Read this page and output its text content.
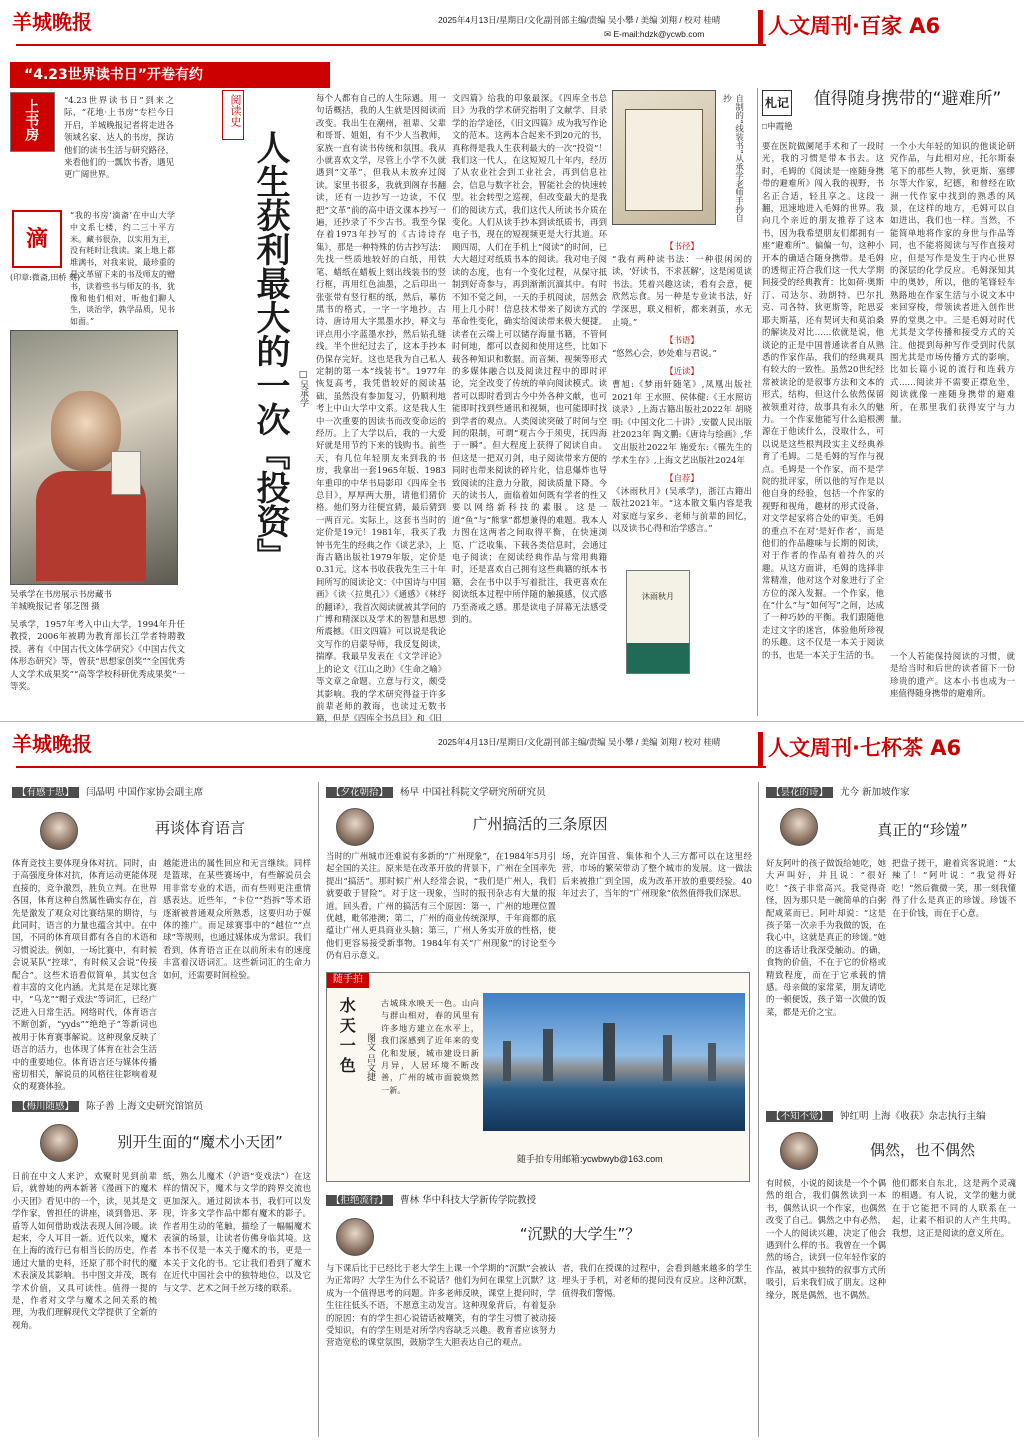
羊城晚报	2025年4月13日/星期日/文化副刊部主编/责编 吴小攀 / 美编 刘翔 / 校对 桂晴
✉ E-mail:hdzk@ycwb.com	人文周刊·百家 A6
“4.23世界读书日”开卷有约
上书房	“4.23世界读书日”到来之际，“花地·上书房”专栏今日开启，羊城晚报记者将走进各领域名家、达人的书房，探访他们的读书生活与研究路径，来看他们的一瓢饮书香，遇见更广阔世界。
滴
(印章:微斋,田桥 刻)
“我的书房‘滴斋’在中山大学中文系七楼，约二三十平方米。藏书很杂，以实用为主，没有耗时让我读。案上地上都堆满书，对我来说，最珍重的是文革留下来的书及师友的赠书，读着些书与师友的书，犹像和他们相对，听他们聊人生，谈治学，孰学品质，见书如面。”
吴承学在书房展示书房藏书
羊城晚报记者 邬芝图 摄
吴承学，1957年考入中山大学，1994年升任教授，2006年被聘为教育部长江学者特聘教授。著有《中国古代文体学研究》《中国古代文体形态研究》等，曾获“思想家创奖”“全国优秀人文学术成果奖”“高等学校科研优秀成果奖”一等奖。
阅读史
人生获利最大的一次『投资』 □吴承学
每个人都有自己的人生际遇。用一句话概括，我的人生就是因阅读而改变。我出生在潮州，祖辈、父辈和哥哥、姐姐，有不少人当教师，家族一直有读书传统和氛围。我从小就喜欢文学，尽管上小学不久就遇到“文革”，但我从未放弃过阅读。家里书很多，我就到阁存书翻读，还有一边抄写一边读，不仅把“文革”前的高中语文课本抄写一遍，还抄录了不少古书。我至今保存着1973年抄写的《古诗诗存集》，那是一种特殊的仿古抄写法：先找一些质地较好的白纸，用铁笔、蜡纸在蜡板上刻出线装书的竖行框，再用红色油墨，之后印出一张张带有竖行框的纸，然后，摹仿黑书的格式，一字一字地抄。古诗、唐诗用大字黑墨水抄，释文与评点用小字蓝墨水抄，然后钻孔缝线。半个世纪过去了，这本手抄本仍保存完好。这也是我为自己私人定制的第一本“线装书”。1977年恢复高考，我凭借较好的阅读基础，虽然没有参加复习，仍顺利地考上中山大学中文系。这是我人生中一次重要的因读书而改变命运的经历。上了大学以后，我的一大爱好就是用节约下来的钱购书。前些天，有几位年轻朋友来到我的书房，我拿出一套1965年版、1983年重印的中华书局影印《四库全书总目》，厚厚两大册，请他们猜价格。他们努力往便宜猜，最后猜到一两百元。实际上，这套书当时的定价是19元！1981年，我买了我钟书先生的经典之作《谈艺录》，上海古籍出版社1979年版，定价是0.31元。这本书收获我先生三十年间所写的阅读论文：《中国诗与中国画》《读〈拉奥孔〉》《通感》《林纾的翻译》，我首次阅读就被其学问的广博和精深以及学术的智慧和思想所震撼。《旧文四篇》可以说是我论文写作的启蒙导师，我反复阅读，揣摩。我最早发表在《文学评论》上的论文《江山之助》《生命之喻》等文章之命题、立意与行文，颇受其影响。我的学术研究得益于许多前辈老师的教诲，也读过无数书籍，但是《四库全书总目》和《旧
文四篇》给我的印象最深。《四库全书总目》为我的学术研究指明了文献学、目录学的治学途径，《旧文四篇》成为我写作论文的范本。这两本合起来不到20元的书，真称得是我人生获利最大的一次“投资”！我们这一代人，在这短短几十年内，经历了从农业社会到工业社会，再到信息社会，信息与数字社会，智能社会的快速转型。社会转型之巡视，但改变最大的是我们的阅读方式，我们这代人所读书介质在变化。人们从读手抄本到读纸质书，再到电子书，现在的短视频更是大行其道。环顾四周，人们在手机上“阅读”的时间，已大大超过对纸质书本的阅读。我对电子阅读的态度，也有一个变化过程，从保守抵制到好奇参与，再到渐渐沉湎其中。有时不知不觉之间，一天的手机阅读，居然会用上几小时！信息技术带来了阅读方式的革命性变化，确实给阅读带来极大便捷。读者在云端上可以储存海量书籍，不管何时何地，都可以查阅和使用这些，比如下载各种知识和数据。而音频、视频等形式的多媒体融合以及阅读过程中的即时评论，完全改变了传统的单向阅读模式。读者可以即时看到古今中外各种文献，也可能即时找到些通讯和视频，也可能即时找到学者的观点。人类阅读突破了时间与空间的限制，可谓“观古今于须臾，抚四海于一瞬”。但大程度上获得了阅读自由。但这是一把双刃剑，电子阅读带来方便的同时也带来阅读的碎片化，信息爆炸也导致阅读的注意力分散，阅读质量下降。今天的读书人，面临着如何既有学者的性又要以网络新科技的素服。这是一道“鱼”与“熊掌”都想兼得的难题。我本人力图在这两者之间取得平衡，在快速浏览、广泛收集、下载各类信息时，会通过电子阅读；在阅读经典作品与常用典籍时，还是喜欢自己拥有这些典籍的纸本书籍，会在书中以手写着批注，我更喜欢在阅读纸本过程中所伴随的触摸感，仪式感乃至斋戒之感。那是读电子屏幕无法感受到的。
自制的“线装书”从承学老师手抄自抄
【书径】
“我有两种读书法：一种很闲闲的读，‘好读书，不求甚解’，这是闲觅读书法。凭着兴趣这读，看有会意，便欣然忘食。另一种是专业读书法，好学深思，联义相析，都来剥茧，水无止境。”
【书语】
“悠然心会，妙处难与君说。”
【近读】
曹旭:《梦雨轩随笔》,凤凰出版社2021年 王水照、侯体健:《王水照访谈录》,上海古籍出版社2022年 胡晓明:《中国文化二十讲》,安徽人民出版社2023年 陶文鹏:《唐诗与绘画》,华文出版社2022年 施爱东:《罹先生的学术生存》,上海文艺出版社2024年
【自荐】
《沐雨秋月》(吴承学)，浙江古籍出版社2021年。“这本散文集内容是我对家庭与家乡、老师与前辈的回忆，以及读书心得和治学感言。”
沐雨秋月
札记
□申霞艳
值得随身携带的“避难所”
要在医院做阑尾手术和了一段时光，我的习惯是带本书去。这时，毛姆的《阅读是一座随身携带的避难所》闯入我的视野，书名正合适，轻且享之。这段一翻，迅速地进入毛姆的世界。我向几个亲近的朋友推荐了这本书，因为我希望朋友们都拥有一座“避难所”。偏偏一句，这种小开本的确适合随身携带。是毛姆的透彻正符合我们这一代大学期间接受的经典教育：比如荷·奥斯汀、司达尔、勃朗特、巴尔扎克、司各特、狄更斯等，陀思妥耶夫斯基，还有契诃夫和莫泊桑的解读及对比……依就是说，他谈论的正是中国普通读者自从熟悉的作家作品，我们的经典观具有较大的一致性。虽然20世纪经常被读论的是叙事方法和文本的形式，结构，但这什么依然保留被领重对待，故事具有永久的魅力。一个作家他能写什么追根溯源在于他读什么，没取什么，可以说是这些根判段实主义经典养育了毛姆。二是毛姆的写作与视点。毛姆是一个作家，而不是学院的批评家，所以他的写作是以他自身的经验，包括一个作家的视野和视角，趣材的形式设备、对文学起家将合处的审美。毛姆的重点不在对‘是好作者’，而是他们的作品趣味与长期的阅读，对于作者的作品有着持久的兴趣。从这方面讲，毛姆的选择非常精准，他对这个对象进行了全方位的深入发掘。一个作家，他在“什么”与“如何写”之间，达成了一种巧妙的平衡。我们跟随他走过文字的迷宫，体验他所珍视的乐趣。这不仅是一本关于阅读的书，也是一本关于生活的书。
一个小大年轻的知识的他谈论研究作品，与此相对应，托尔斯泰笔下的那些人物，狄更斯、塞缪尔等大作家，纪德，和曾经在欧洲一代作家中找到的熟悉的风景，在这样的地方，毛姆可以自如进出，我们也一样。当然，不能简单地将作家的身世与作品等同，也不能将阅读与写作直接对应，但是写作是发生于内心世界的深层的化学反应。毛姆深知其中的奥妙，所以，他的笔锋轻车熟路地在作家生活与小说文本中来回穿梭，带领读者进入创作世界的堂奥之中。三是毛姆对时代尤其是文学传播和接受方式的关注。他提到每种写作受到时代氛围尤其是市场传播方式的影响，比如长篇小说的流行和连载方式……阅读并不需要正襟危坐，阅读就像一座随身携带的避难所，在那里我们获得安宁与力量。
一个人若能保持阅读的习惯，就是给当时和后世的读者留下一份珍贵的遗产。这本小书也成为一座值得随身携带的避难所。
羊城晚报	2025年4月13日/星期日/文化副刊部主编/责编 吴小攀 / 美编 刘翔 / 校对 桂晴 人文周刊·七杯茶 A6
【有感于思】 闫晶明 中国作家协会副主席
再谈体育语言
体育竞技主要体现身体对抗。同时，由于高强度身体对抗，体育运动更能体现直接的，竞争激烈，胜负立判。在世界各国，体育这种自然属性确实存在，首先是激发了观众对比赛结果的期待，与此同时，语言的力量也蕴含其中。在中国，不同的体育项目都有各自的术语和习惯说法。例如，一场比赛中，有时候会说某队“控球”，有时候又会说“传接配合”。这些术语看似简单，其实包含着丰富的文化内涵。尤其是在足球比赛中，“乌龙”“帽子戏法”等词汇，已经广泛进入日常生活。网络时代，体育语言不断创新，“yyds”“绝绝子”等新词也被用于体育赛事解说。这种现象反映了语言的活力，也体现了体育在社会生活中的重要地位。体育语言还与媒体传播密切相关，解说员的风格往往影响着观众的观赛体验。
越能进出的属性回应和无言继续。同样是篮球，在某些赛场中，有些解说员会用非常专业的术语，而有些则更注重情感表达。近些年，“卡位”“挡拆”等术语逐渐被普通观众所熟悉，这要归功于媒体的推广。而足球赛事中的“越位”“点球”等规则，也通过媒体成为常识。我们看到，体育语言正在以前所未有的速度丰富着汉语词汇。这些新词汇的生命力如何，还需要时间检验。
【梅川随感】 陈子善 上海文史研究馆馆员
别开生面的“魔术小天团”
日前在中文人来沪，欢聚时见到前辈后，就曾她的两本新著《漫画下的魔术小天团》看见中的一个，读，见其是文学作家，曾担任的讲座，谈到鲁迅、茅盾等人如何借助戏法表现人间冷暖。读起来，令人耳目一新。近代以来，魔术在上海的流行已有相当长的历史，作者通过大量的史料，还原了那个时代的魔术表演及其影响。书中图文并茂，既有学术价值，又具可读性。值得一提的是，作者对文学与魔术之间关系的梳理，为我们理解现代文学提供了全新的视角。
纸，熟么儿魔术（沪语“变戏法”）在这样的情况下，魔术与文学的跨界交流也更加深入。通过阅读本书，我们可以发现，许多文学作品中都有魔术的影子。作者用生动的笔触，描绘了一幅幅魔术表演的场景，让读者仿佛身临其境。这本书不仅是一本关于魔术的书，更是一本关于文化的书。它让我们看到了魔术在近代中国社会中的独特地位，以及它与文学、艺术之间千丝万缕的联系。
【夕花朝拾】 杨早 中国社科院文学研究所研究员
广州搞活的三条原因
当时的广州城市还难说有多新的“广州现象”，在1984年5月引起全国的关注。原来是在改革开放的背景下，广州在全国率先提出“搞活”。那时候广州人经常会说，“我们是广州人，我们就要敢于冒险”。对于这一现象，当时的报刊杂志有大量的报道。回头看，广州的搞活有三个原因：第一，广州的地理位置优越，毗邻港澳；第二，广州的商业传统深厚，千年商都的底蕴让广州人更具商业头脑；第三，广州人务实开放的性格，使他们更容易接受新事物。1984年有关“广州现象”的讨论至今仍有启示意义。
场，充许国营、集体和个人三方都可以在这里经营，市场的繁荣带动了整个城市的发展。这一做法后来被推广到全国，成为改革开放的重要经验。40年过去了，当年的“广州现象”依然值得我们深思。
随手拍
水天一色 图文 吕文捷
古城珠水映天一色。山向与群山相对，春的风里有许多地方建立在水平上，我们深感到了近年来的变化和发展，城市建设日新月异，人居环境不断改善，广州的城市面貌焕然一新。
随手拍专用邮箱:ycwbwyb@163.com
【拒绝流行】 曹林 华中科技大学新传学院教授
“沉默的大学生”？
与下课后比于已经比于老大学生上课一个学期的“沉默”会被认为正常吗？大学生为什么不说话？他们为何在课堂上沉默？这成为一个值得思考的问题。许多老师反映，课堂上提问时，学生往往低头不语，不愿意主动发言。这种现象背后，有着复杂的原因：有的学生担心说错话被嘲笑，有的学生习惯了被动接受知识，有的学生则是对所学内容缺乏兴趣。教育者应该努力营造宽松的课堂氛围，鼓励学生大胆表达自己的观点。
者，我们在授课的过程中，会看到越来越多的学生埋头于手机，对老师的提问没有反应。这种沉默，值得我们警惕。
【昙花的诗】 尤今 新加坡作家
真正的“珍馐”
好友阿叶的孩子做饭给她吃，她大声叫好，并且说：“很好吃！”孩子非常高兴。我觉得奇怪，因为那只是一碗简单的白粥配咸菜而已。阿叶却说：“这是孩子第一次亲手为我做的饭，在我心中，这就是真正的珍馐。”她的这番话让我深受触动。的确，食物的价值，不在于它的价格或精致程度，而在于它承载的情感。母亲做的家常菜，朋友请吃的一顿便饭，孩子第一次做的饭菜，都是无价之宝。
把盘子搓干，避着宾客说道：“太辣了！”阿叶说：“我觉得好吃！”然后微微一笑，那一刻我懂得了什么是真正的珍馐。珍馐不在于价钱，而在于心意。
【不知不觉】 钟红明 上海《收获》杂志执行主编
偶然，也不偶然
有时候，小说的阅读是一个个偶然的组合，我们偶然读到一本书，偶然认识一个作家，也偶然改变了自己。偶然之中有必然，一个人的阅读兴趣，决定了他会遇到什么样的书。我曾在一个偶然的场合，读到一位年轻作家的作品，被其中独特的叙事方式所吸引，后来我们成了朋友。这种缘分，既是偶然，也不偶然。
他们都来自东北，这是两个灵魂的相遇。有人说，文学的魅力就在于它能把不同的人联系在一起，让素不相识的人产生共鸣。我想，这正是阅读的意义所在。
